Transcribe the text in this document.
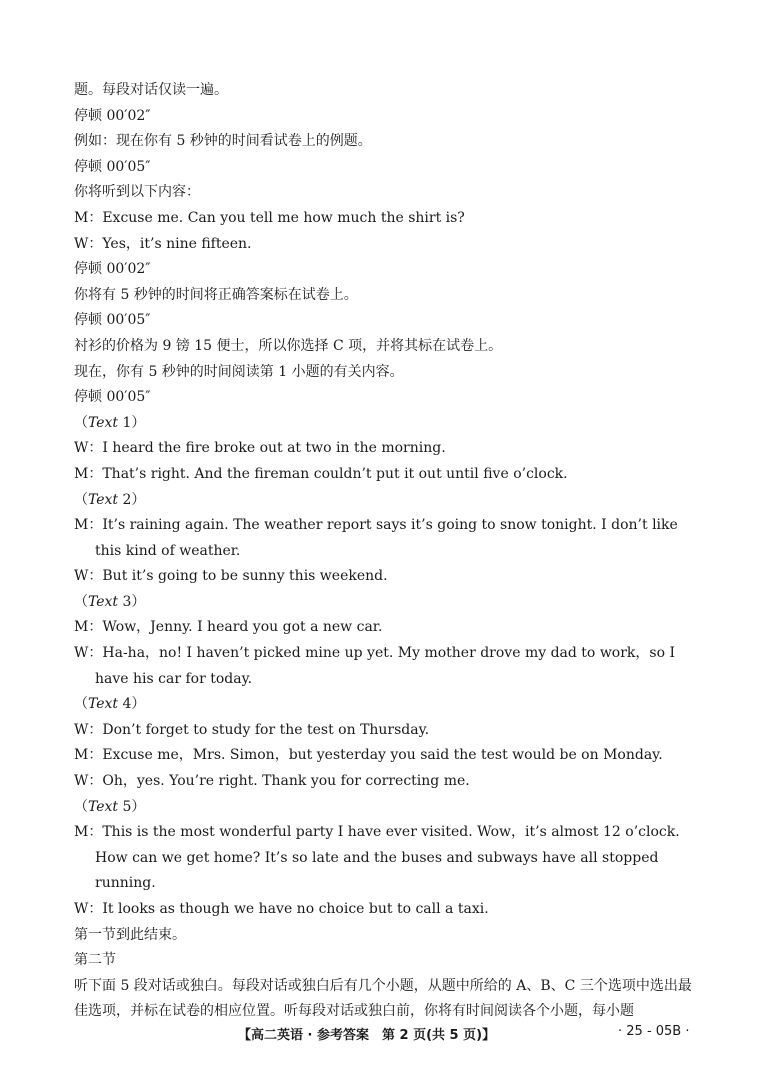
题。每段对话仅读一遍。
停顿 00′02″
例如：现在你有 5 秒钟的时间看试卷上的例题。
停顿 00′05″
你将听到以下内容：
M：Excuse me. Can you tell me how much the shirt is?
W：Yes，it’s nine fifteen.
停顿 00′02″
你将有 5 秒钟的时间将正确答案标在试卷上。
停顿 00′05″
衬衫的价格为 9 镑 15 便士，所以你选择 C 项，并将其标在试卷上。
现在，你有 5 秒钟的时间阅读第 1 小题的有关内容。
停顿 00′05″
（Text 1）
W：I heard the fire broke out at two in the morning.
M：That’s right. And the fireman couldn’t put it out until five o’clock.
（Text 2）
M：It’s raining again. The weather report says it’s going to snow tonight. I don’t like this kind of weather.
W：But it’s going to be sunny this weekend.
（Text 3）
M：Wow，Jenny. I heard you got a new car.
W：Ha-ha，no! I haven’t picked mine up yet. My mother drove my dad to work，so I have his car for today.
（Text 4）
W：Don’t forget to study for the test on Thursday.
M：Excuse me，Mrs. Simon，but yesterday you said the test would be on Monday.
W：Oh，yes. You’re right. Thank you for correcting me.
（Text 5）
M：This is the most wonderful party I have ever visited. Wow，it’s almost 12 o’clock. How can we get home? It’s so late and the buses and subways have all stopped running.
W：It looks as though we have no choice but to call a taxi.
第一节到此结束。
第二节
听下面 5 段对话或独白。每段对话或独白后有几个小题，从题中所给的 A、B、C 三个选项中选出最佳选项，并标在试卷的相应位置。听每段对话或独白前，你将有时间阅读各个小题，每小题
【高二英语 · 参考答案　第 2 页(共 5 页)】	· 25 - 05B ·
